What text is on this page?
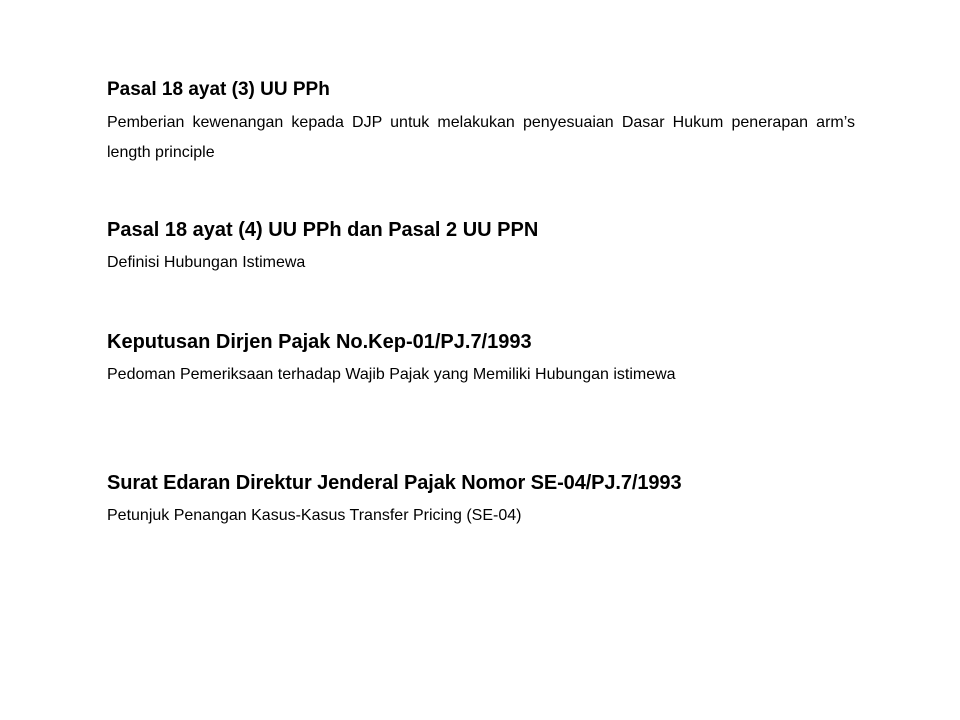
Pasal 18 ayat (3) UU PPh

Pemberian kewenangan kepada DJP untuk melakukan penyesuaian Dasar Hukum penerapan arm’s length principle

Pasal 18 ayat (4) UU PPh dan Pasal 2 UU PPN

Definisi Hubungan Istimewa

Keputusan Dirjen Pajak No.Kep-01/PJ.7/1993

Pedoman Pemeriksaan terhadap Wajib Pajak yang Memiliki Hubungan istimewa

Surat Edaran Direktur Jenderal Pajak Nomor SE-04/PJ.7/1993

Petunjuk Penangan Kasus-Kasus Transfer Pricing (SE-04)
